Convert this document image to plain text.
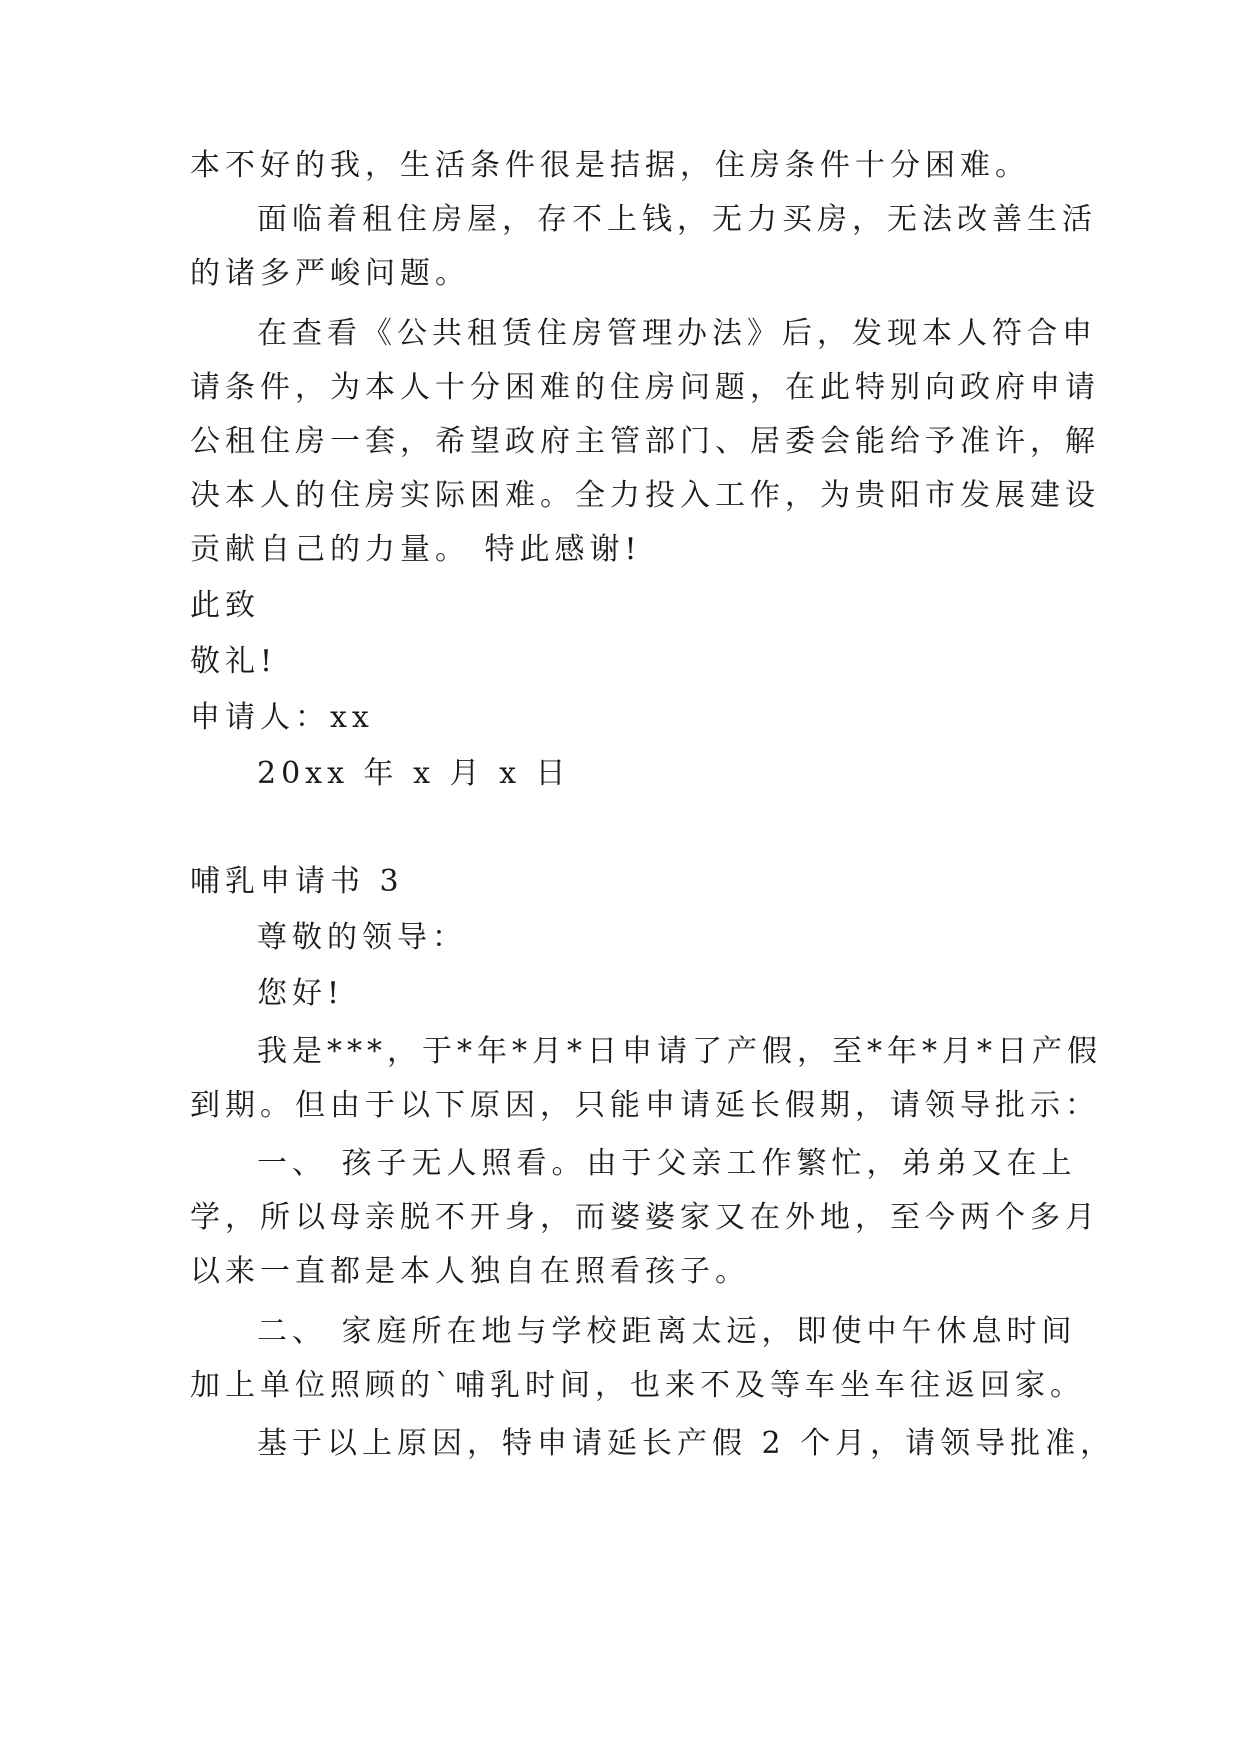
本不好的我，生活条件很是拮据，住房条件十分困难。
面临着租住房屋，存不上钱，无力买房，无法改善生活
的诸多严峻问题。
在查看《公共租赁住房管理办法》后，发现本人符合申
请条件，为本人十分困难的住房问题，在此特别向政府申请
公租住房一套，希望政府主管部门、居委会能给予准许，解
决本人的住房实际困难。全力投入工作，为贵阳市发展建设
贡献自己的力量。 特此感谢!
此致
敬礼!
申请人：xx
20xx 年 x 月 x 日
哺乳申请书 3
尊敬的领导：
您好!
我是***，于*年*月*日申请了产假，至*年*月*日产假
到期。但由于以下原因，只能申请延长假期，请领导批示：
一、 孩子无人照看。由于父亲工作繁忙，弟弟又在上
学，所以母亲脱不开身，而婆婆家又在外地，至今两个多月
以来一直都是本人独自在照看孩子。
二、 家庭所在地与学校距离太远，即使中午休息时间
加上单位照顾的`哺乳时间，也来不及等车坐车往返回家。
基于以上原因，特申请延长产假 2 个月，请领导批准，
